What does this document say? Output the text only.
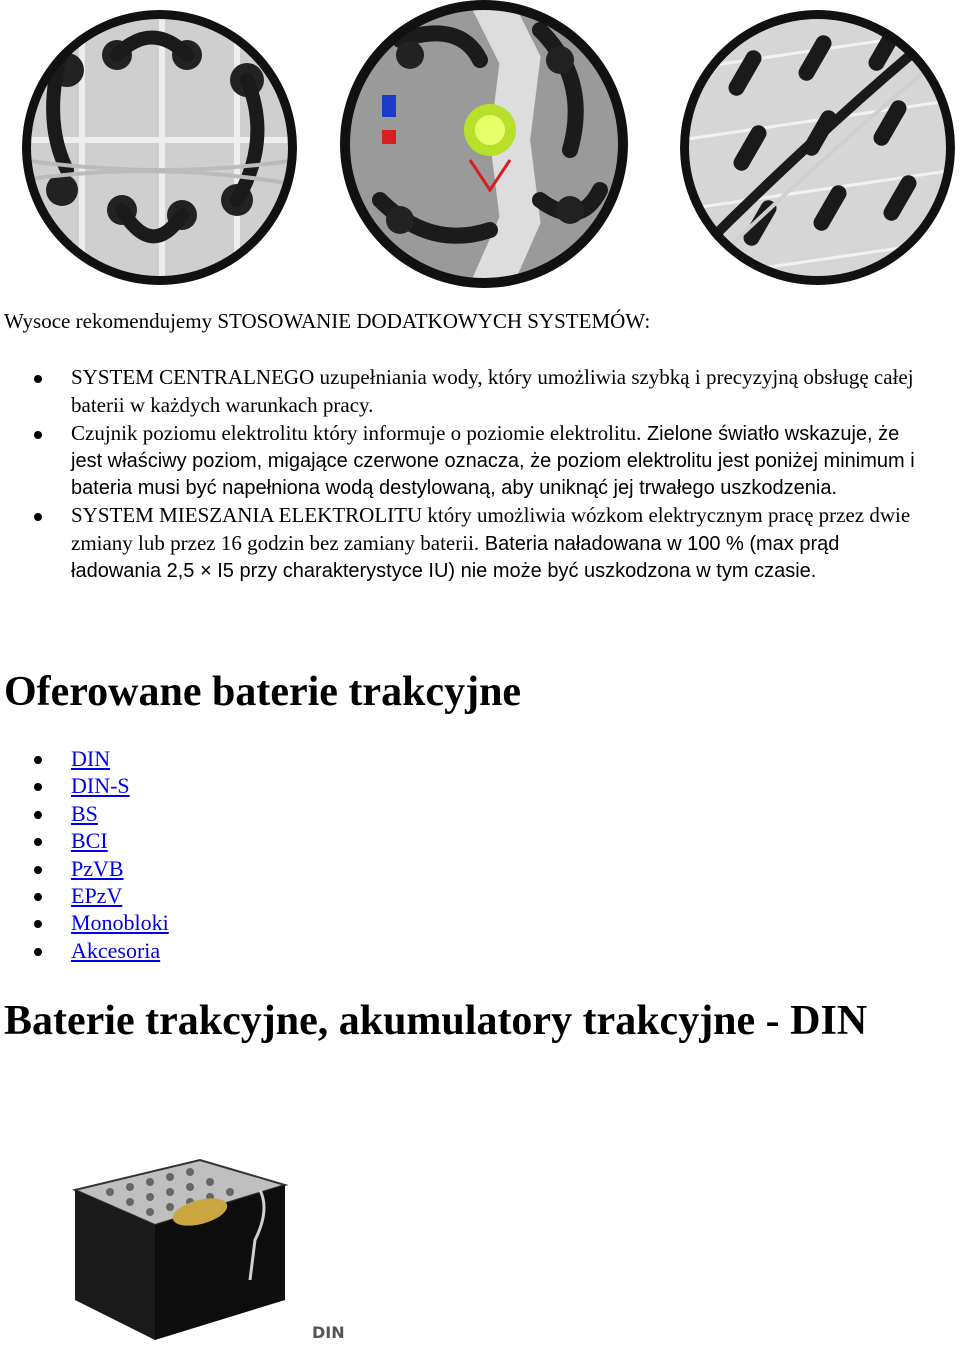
Wysoce rekomendujemy STOSOWANIE DODATKOWYCH SYSTEMÓW:

SYSTEM CENTRALNEGO uzupełniania wody, który umożliwia szybką i precyzyjną obsługę całej baterii w każdych warunkach pracy.
Czujnik poziomu elektrolitu który informuje o poziomie elektrolitu. Zielone światło wskazuje, że jest właściwy poziom, migające czerwone oznacza, że poziom elektrolitu jest poniżej minimum i bateria musi być napełniona wodą destylowaną, aby uniknąć jej trwałego uszkodzenia.
SYSTEM MIESZANIA ELEKTROLITU który umożliwia wózkom elektrycznym pracę przez dwie zmiany lub przez 16 godzin bez zamiany baterii. Bateria naładowana w 100 % (max prąd ładowania 2,5 × I5 przy charakterystyce IU) nie może być uszkodzona w tym czasie.
Oferowane baterie trakcyjne
DIN
DIN-S
BS
BCI
PzVB
EPzV
Monobloki
Akcesoria
Baterie trakcyjne, akumulatory trakcyjne - DIN
DIN
